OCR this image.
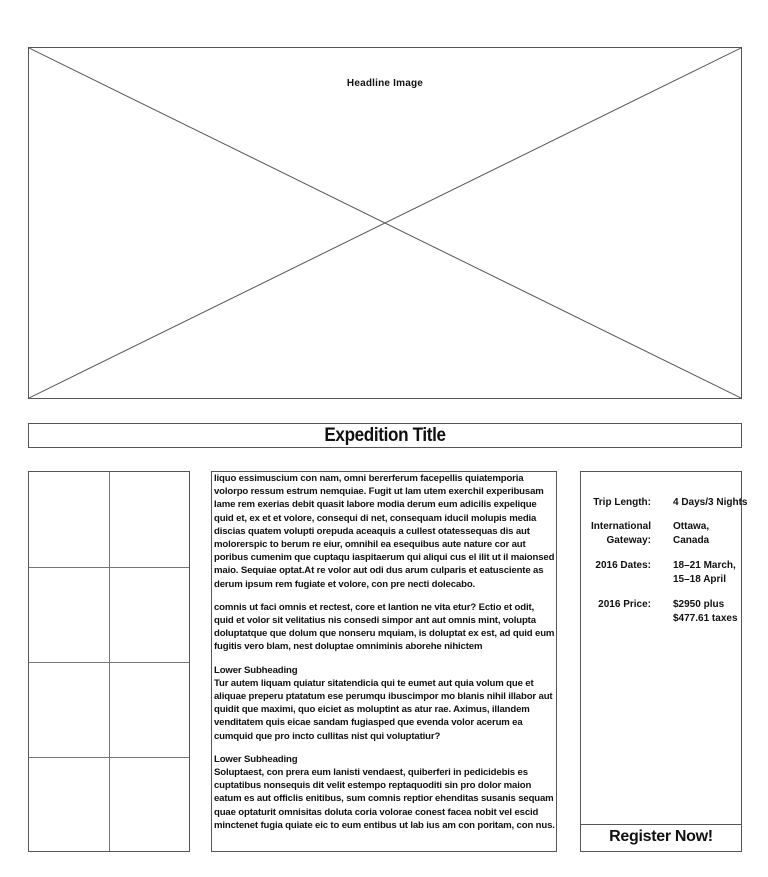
Headline Image
Expedition Title

liquo essimuscium con nam, omni bererferum facepellis quiatemporia volorpo ressum estrum nemquiae. Fugit ut lam utem exerchil experibusam lame rem exerias debit quasit labore modia derum eum adicilis expelique quid et, ex et et volore, consequi di net, consequam iducil molupis media discias quatem volupti orepuda aceaquis a cullest otatessequas dis aut molorerspic to berum re eiur, omnihil ea esequibus aute nature cor aut poribus cumenim que cuptaqu iaspitaerum qui aliqui cus el ilit ut il maionsed maio. Sequiae optat.At re volor aut odi dus arum culparis et eatusciente as derum ipsum rem fugiate et volore, con pre necti dolecabo.

comnis ut faci omnis et rectest, core et lantion ne vita etur? Ectio et odit, quid et volor sit velitatius nis consedi simpor ant aut omnis mint, volupta doluptatque que dolum que nonseru mquiam, is doluptat ex est, ad quid eum fugitis vero blam, nest doluptae omniminis aborehe nihictem

Lower Subheading

Tur autem liquam quiatur sitatendicia qui te eumet aut quia volum que et aliquae preperu ptatatum ese perumqu ibuscimpor mo blanis nihil illabor aut quidit que maximi, quo eiciet as moluptint as atur rae. Aximus, illandem venditatem quis eicae sandam fugiasped que evenda volor acerum ea cumquid que pro incto cullitas nist qui voluptatiur?

Lower Subheading

Soluptaest, con prera eum lanisti vendaest, quiberferi in pedicidebis es cuptatibus nonsequis dit velit estempo reptaquoditi sin pro dolor maion eatum es aut officlis enitibus, sum comnis reptior ehenditas susanis sequam quae optaturit omnisitas doluta coria volorae conest facea nobit vel escid minctenet fugia quiate eic to eum entibus ut lab ius am con poritam, con nus.

Trip Length: 4 Days/3 Nights
International Ottawa,
Gateway: Canada
2016 Dates: 18–21 March,
15–18 April
2016 Price: $2950 plus
$477.61 taxes
Register Now!
